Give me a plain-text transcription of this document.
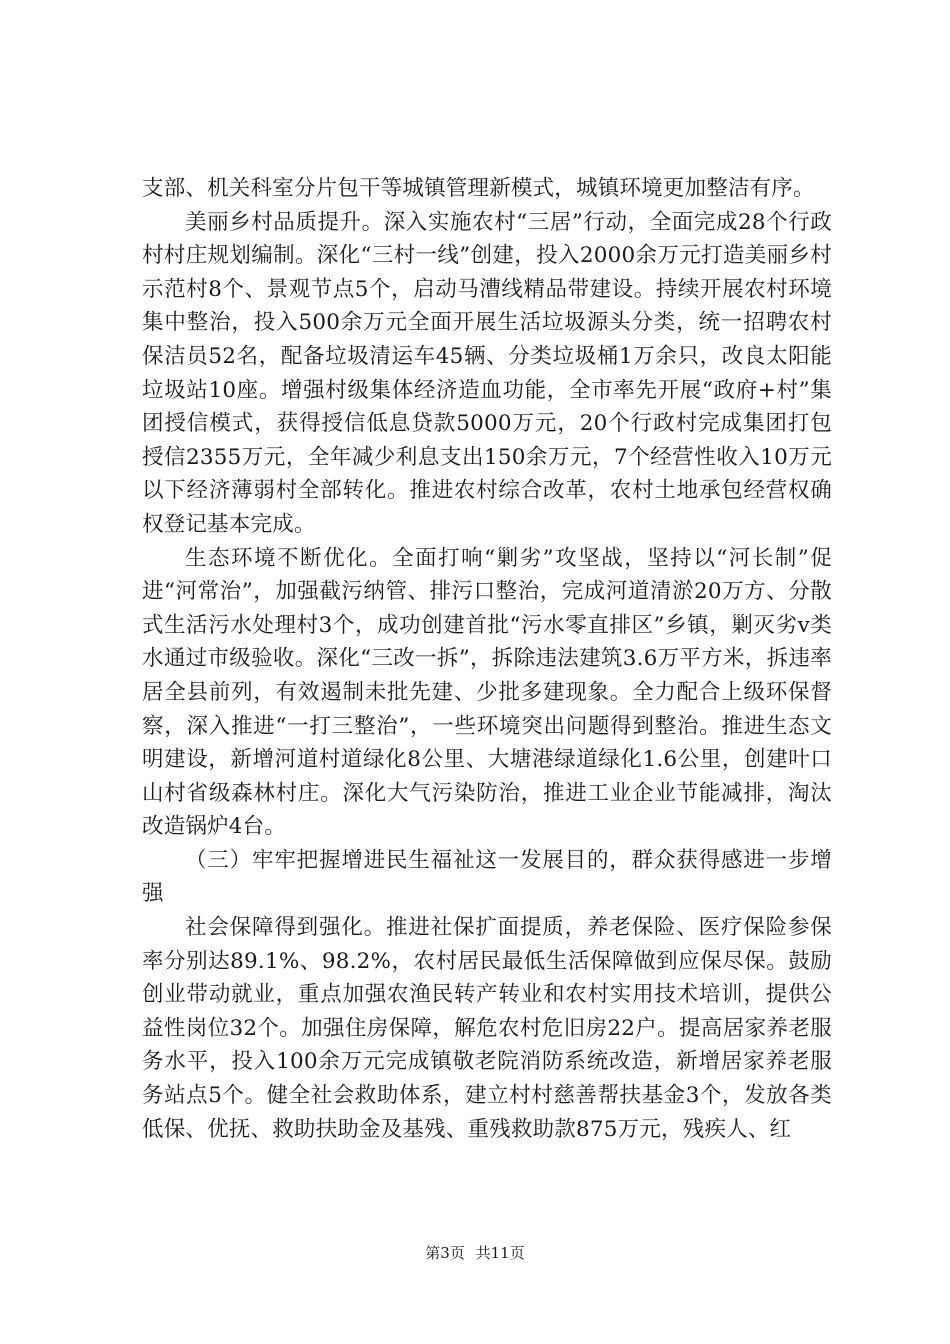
支部、机关科室分片包干等城镇管理新模式，城镇环境更加整洁有序。

美丽乡村品质提升。深入实施农村“三居”行动，全面完成28个行政村村庄规划编制。深化“三村一线”创建，投入2000余万元打造美丽乡村示范村8个、景观节点5个，启动马漕线精品带建设。持续开展农村环境集中整治，投入500余万元全面开展生活垃圾源头分类，统一招聘农村保洁员52名，配备垃圾清运车45辆、分类垃圾桶1万余只，改良太阳能垃圾站10座。增强村级集体经济造血功能，全市率先开展“政府+村”集团授信模式，获得授信低息贷款5000万元，20个行政村完成集团打包授信2355万元，全年减少利息支出150余万元，7个经营性收入10万元以下经济薄弱村全部转化。推进农村综合改革，农村土地承包经营权确权登记基本完成。

生态环境不断优化。全面打响“剿劣”攻坚战，坚持以“河长制”促进“河常治”，加强截污纳管、排污口整治，完成河道清淤20万方、分散式生活污水处理村3个，成功创建首批“污水零直排区”乡镇，剿灭劣v类水通过市级验收。深化“三改一拆”，拆除违法建筑3.6万平方米，拆违率居全县前列，有效遏制未批先建、少批多建现象。全力配合上级环保督察，深入推进“一打三整治”，一些环境突出问题得到整治。推进生态文明建设，新增河道村道绿化8公里、大塘港绿道绿化1.6公里，创建叶口山村省级森林村庄。深化大气污染防治，推进工业企业节能减排，淘汰改造锅炉4台。

（三）牢牢把握增进民生福祉这一发展目的，群众获得感进一步增强

社会保障得到强化。推进社保扩面提质，养老保险、医疗保险参保率分别达89.1%、98.2%，农村居民最低生活保障做到应保尽保。鼓励创业带动就业，重点加强农渔民转产转业和农村实用技术培训，提供公益性岗位32个。加强住房保障，解危农村危旧房22户。提高居家养老服务水平，投入100余万元完成镇敬老院消防系统改造，新增居家养老服务站点5个。健全社会救助体系，建立村村慈善帮扶基金3个，发放各类低保、优抚、救助扶助金及基残、重残救助款875万元，残疾人、红

第3页 共11页
